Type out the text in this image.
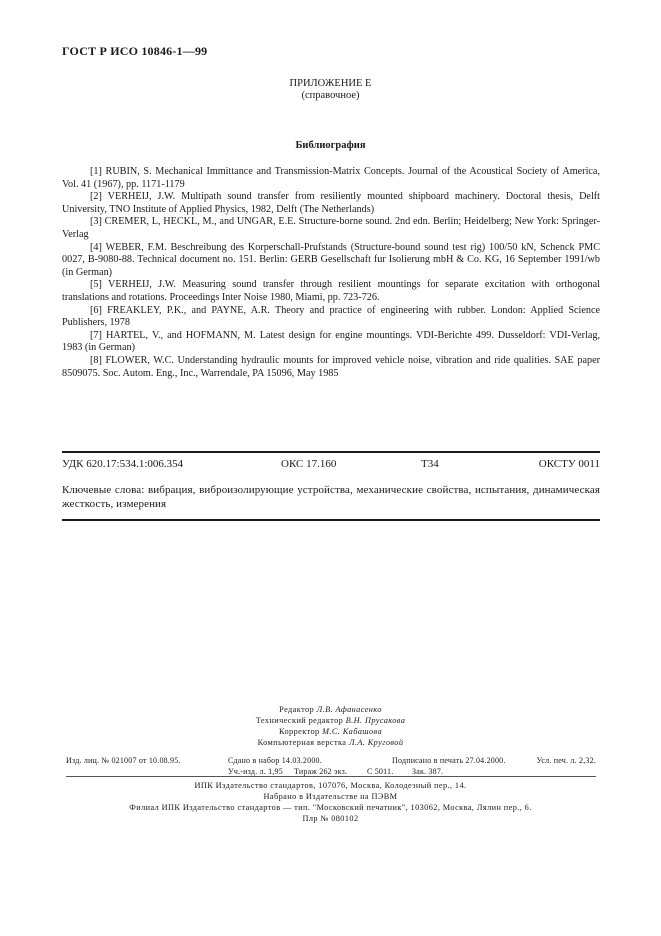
ГОСТ Р ИСО 10846-1—99
ПРИЛОЖЕНИЕ Е
(справочное)
Библиография

[1] RUBIN, S. Mechanical Immittance and Transmission-Matrix Concepts. Journal of the Acoustical Society of America, Vol. 41 (1967), pp. 1171-1179

[2] VERHEIJ, J.W. Multipath sound transfer from resiliently mounted shipboard machinery. Doctoral thesis, Delft University, TNO Institute of Applied Physics, 1982, Delft (The Netherlands)

[3] CREMER, L, HECKL, M., and UNGAR, E.E. Structure-borne sound. 2nd edn. Berlin; Heidelberg; New York: Springer-Verlag

[4] WEBER, F.M. Beschreibung des Korperschall-Prufstands (Structure-bound sound test rig) 100/50 kN, Schenck PMC 0027, B-9080-88. Technical document no. 151. Berlin: GERB Gesellschaft fur Isolierung mbH & Co. KG, 16 September 1991/wb (in German)

[5] VERHEIJ, J.W. Measuring sound transfer through resilient mountings for separate excitation with orthogonal translations and rotations. Proceedings Inter Noise 1980, Miami, pp. 723-726.

[6] FREAKLEY, P.K., and PAYNE, A.R. Theory and practice of engineering with rubber. London: Applied Science Publishers, 1978

[7] HARTEL, V., and HOFMANN, M. Latest design for engine mountings. VDI-Berichte 499. Dusseldorf: VDI-Verlag, 1983 (in German)

[8] FLOWER, W.C. Understanding hydraulic mounts for improved vehicle noise, vibration and ride qualities. SAE paper 8509075. Soc. Autom. Eng., Inc., Warrendale, PA 15096, May 1985

УДК 620.17:534.1:006.354	ОКС 17.160	Т34	ОКСТУ 0011
Ключевые слова: вибрация, виброизолирующие устройства, механические свойства, испытания, динамическая жесткость, измерения
Редактор Л.В. Афанасенко
Технический редактор В.Н. Прусакова
Корректор М.С. Кабашова
Компьютерная верстка Л.А. Круговой
Изд. лиц. № 021007 от 10.08.95.	Сдано в набор 14.03.2000.	Подписано в печать 27.04.2000.	Усл. печ. л. 2,32.
Уч.-изд. л. 1,95 Тираж 262 экз. С 5011. Зак. 387.
ИПК Издательство стандартов, 107076, Москва, Колодезный пер., 14.
Набрано в Издательстве на ПЭВМ
Филиал ИПК Издательство стандартов — тип. "Московский печатник", 103062, Москва, Лялин пер., 6.
Плр № 080102
